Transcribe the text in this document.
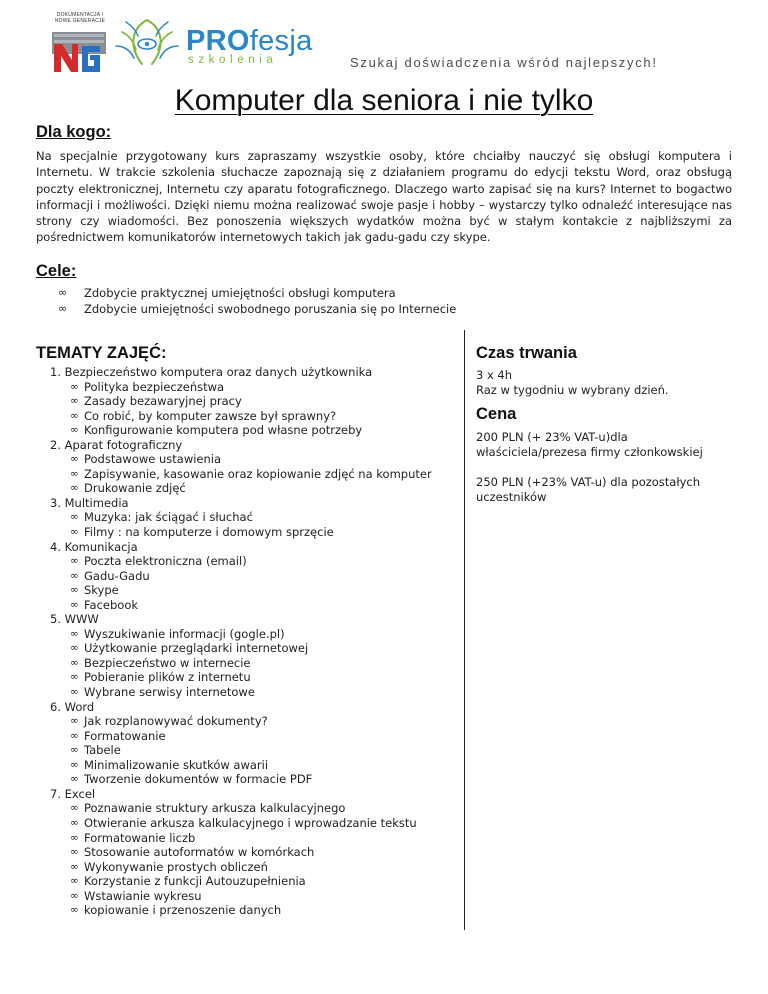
DOKUMENTACJA I NOWE GENERACJE
PROfesja
szkolenia	Szukaj doświadczenia wśród najlepszych!
Komputer dla seniora i nie tylko
Dla kogo:

Na specjalnie przygotowany kurs zapraszamy wszystkie osoby, które chciałby nauczyć się obsługi komputera i Internetu. W trakcie szkolenia słuchacze zapoznają się z działaniem programu do edycji tekstu Word, oraz obsługą poczty elektronicznej, Internetu czy aparatu fotograficznego. Dlaczego warto zapisać się na kurs? Internet to bogactwo informacji i możliwości. Dzięki niemu można realizować swoje pasje i hobby – wystarczy tylko odnaleźć interesujące nas strony czy wiadomości. Bez ponoszenia większych wydatków można być w stałym kontakcie z najbliższymi za pośrednictwem komunikatorów internetowych takich jak gadu-gadu czy skype.

Cele:
∞	Zdobycie praktycznej umiejętności obsługi komputera
∞	Zdobycie umiejętności swobodnego poruszania się po Internecie
TEMATY ZAJĘĆ:
1. Bezpieczeństwo komputera oraz danych użytkownika
∞ Polityka bezpieczeństwa
∞ Zasady bezawaryjnej pracy
∞ Co robić, by komputer zawsze był sprawny?
∞ Konfigurowanie komputera pod własne potrzeby
2. Aparat fotograficzny
∞ Podstawowe ustawienia
∞ Zapisywanie, kasowanie oraz kopiowanie zdjęć na komputer
∞ Drukowanie zdjęć
3. Multimedia
∞ Muzyka: jak ściągać i słuchać
∞ Filmy : na komputerze i domowym sprzęcie
4. Komunikacja
∞ Poczta elektroniczna (email)
∞ Gadu-Gadu
∞ Skype
∞ Facebook
5. WWW
∞ Wyszukiwanie informacji (gogle.pl)
∞ Użytkowanie przeglądarki internetowej
∞ Bezpieczeństwo w internecie
∞ Pobieranie plików z internetu
∞ Wybrane serwisy internetowe
6. Word
∞ Jak rozplanowywać dokumenty?
∞ Formatowanie
∞ Tabele
∞ Minimalizowanie skutków awarii
∞ Tworzenie dokumentów w formacie PDF
7. Excel
∞ Poznawanie struktury arkusza kalkulacyjnego
∞ Otwieranie arkusza kalkulacyjnego i wprowadzanie tekstu
∞ Formatowanie liczb
∞ Stosowanie autoformatów w komórkach
∞ Wykonywanie prostych obliczeń
∞ Korzystanie z funkcji Autouzupełnienia
∞ Wstawianie wykresu
∞ kopiowanie i przenoszenie danych
Czas trwania
3 x 4h
Raz w tygodniu w wybrany dzień.
Cena
200 PLN (+ 23% VAT-u)dla właściciela/prezesa firmy członkowskiej
250 PLN (+23% VAT-u) dla pozostałych uczestników
